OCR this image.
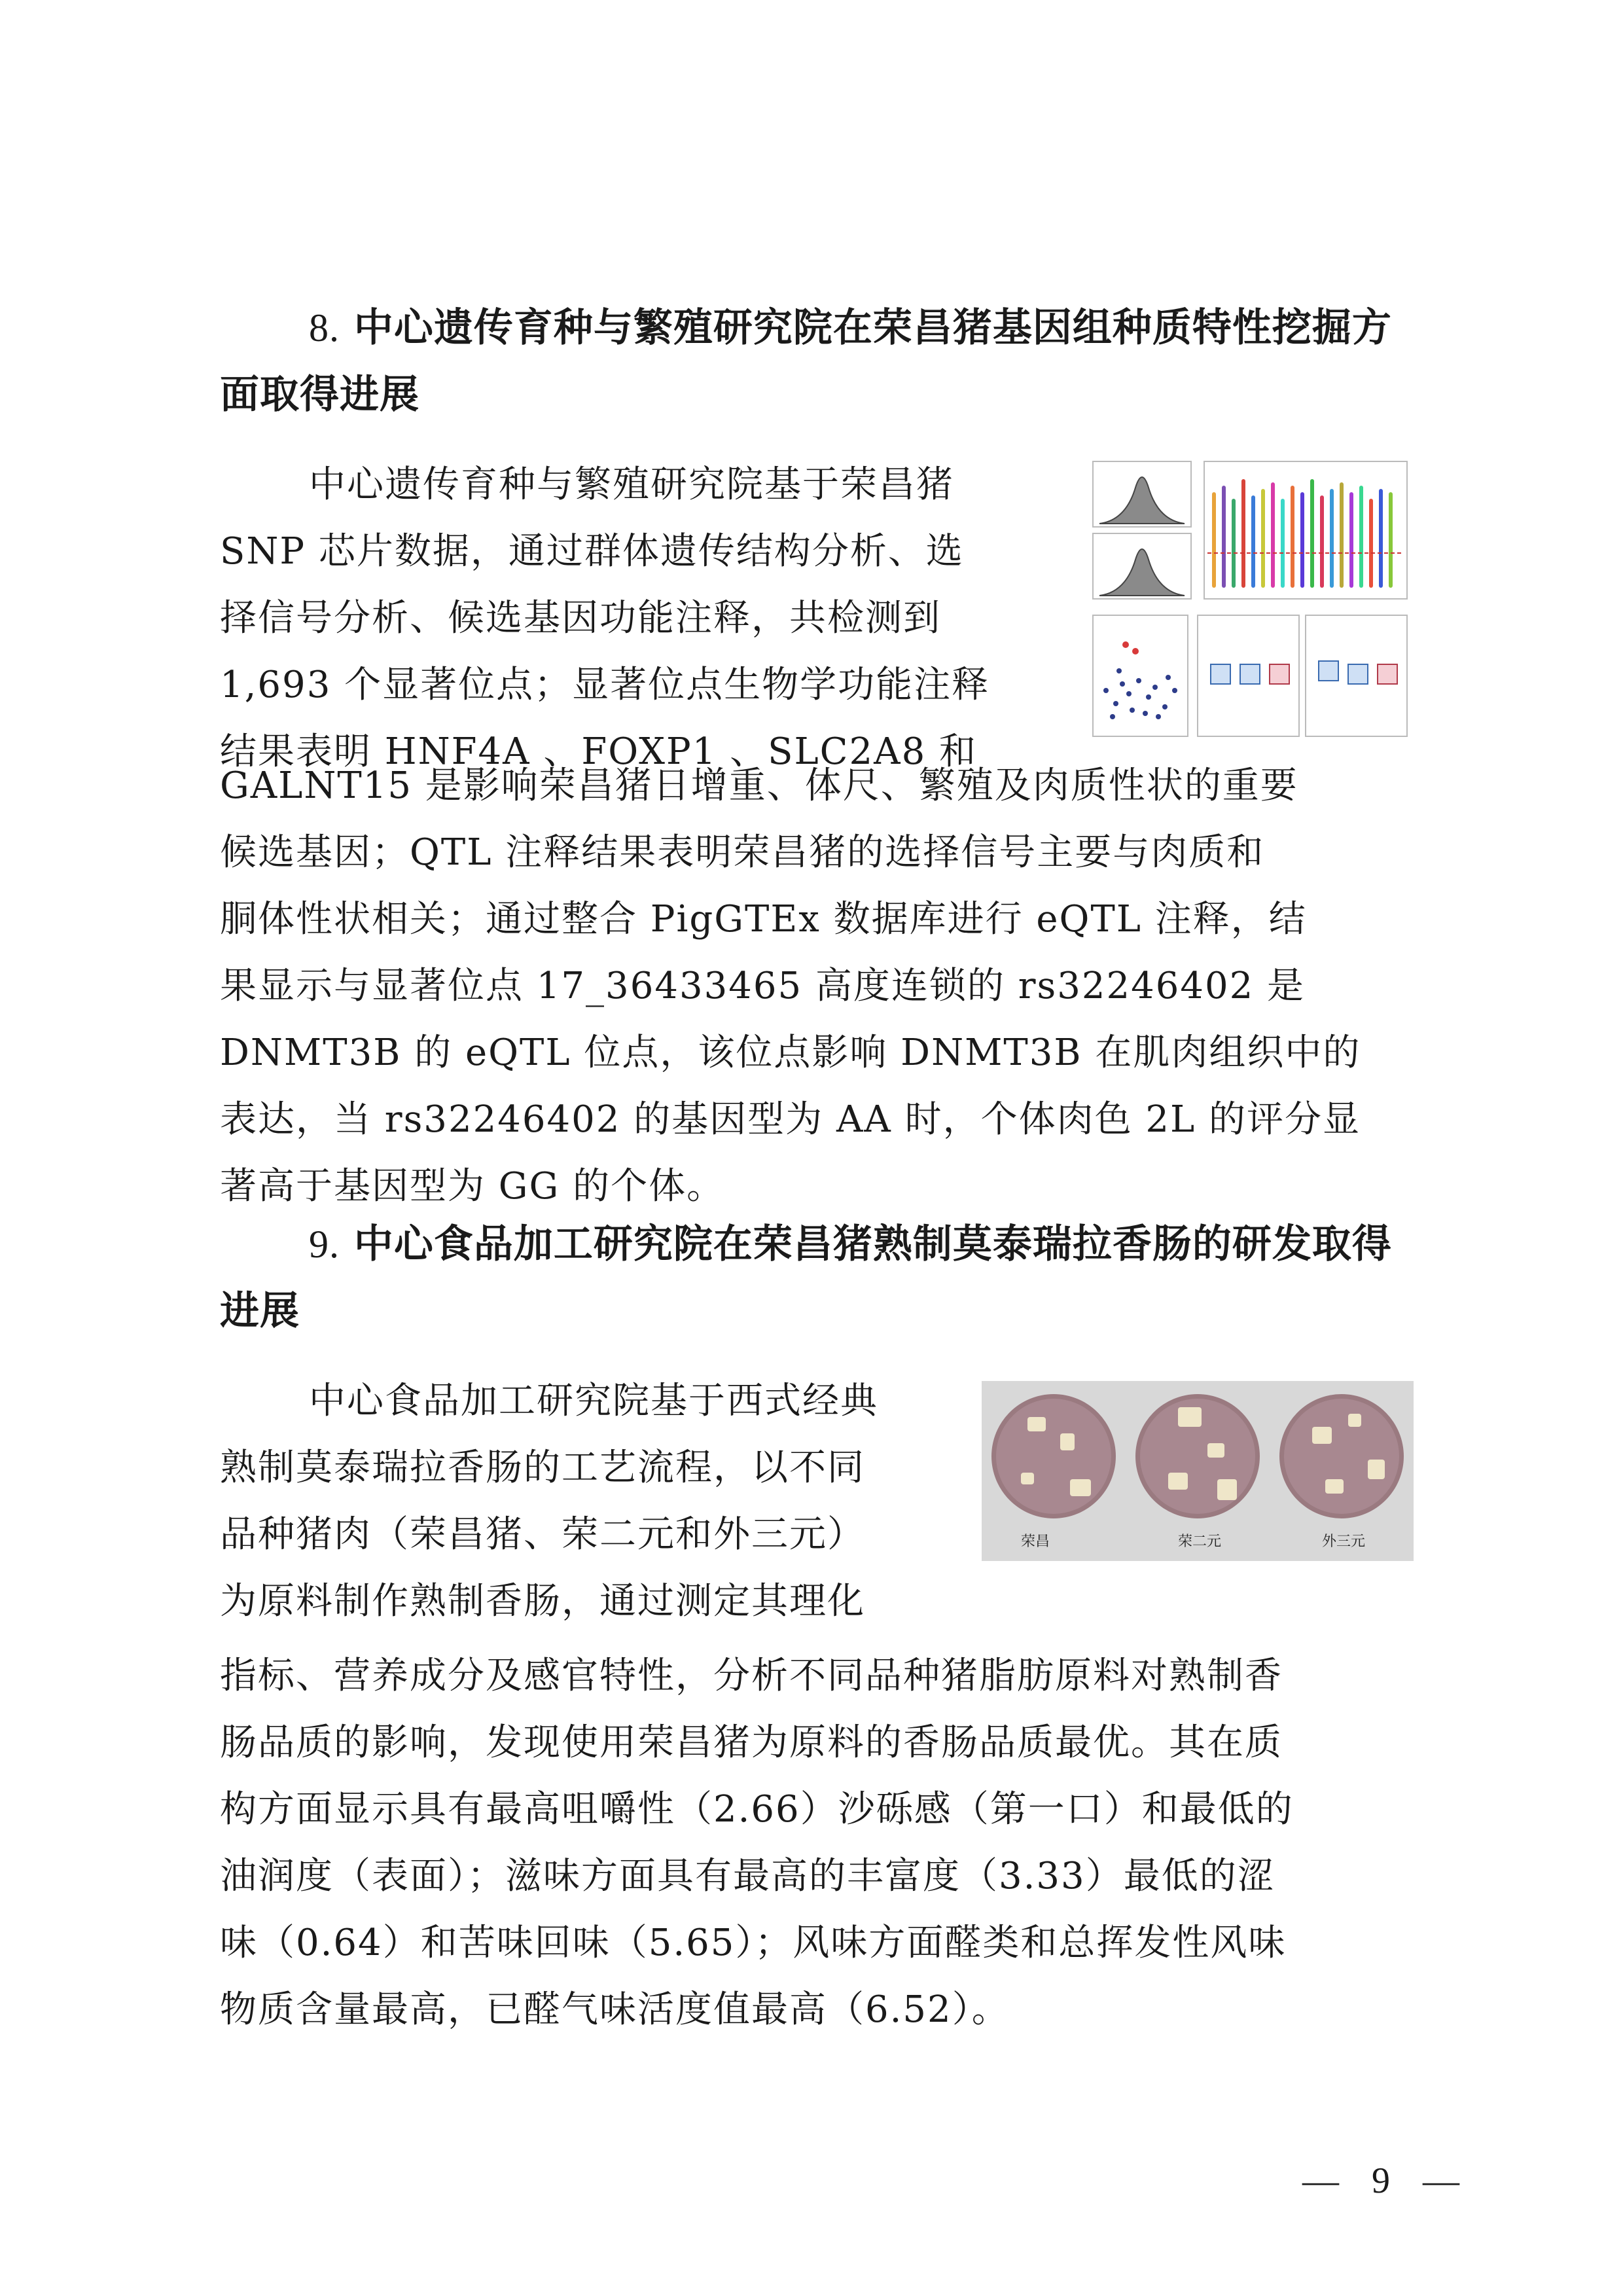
8. 中心遗传育种与繁殖研究院在荣昌猪基因组种质特性挖掘方面取得进展
中心遗传育种与繁殖研究院基于荣昌猪
SNP 芯片数据，通过群体遗传结构分析、选
择信号分析、候选基因功能注释，共检测到
1,693 个显著位点；显著位点生物学功能注释
结果表明 HNF4A 、FOXP1 、SLC2A8 和
GALNT15 是影响荣昌猪日增重、体尺、繁殖及肉质性状的重要
候选基因；QTL 注释结果表明荣昌猪的选择信号主要与肉质和
胴体性状相关；通过整合 PigGTEx 数据库进行 eQTL 注释，结
果显示与显著位点 17_36433465 高度连锁的 rs32246402 是
DNMT3B 的 eQTL 位点，该位点影响 DNMT3B 在肌肉组织中的
表达，当 rs32246402 的基因型为 AA 时，个体肉色 2L 的评分显
著高于基因型为 GG 的个体。
9. 中心食品加工研究院在荣昌猪熟制莫泰瑞拉香肠的研发取得进展
中心食品加工研究院基于西式经典
熟制莫泰瑞拉香肠的工艺流程，以不同
品种猪肉（荣昌猪、荣二元和外三元）
为原料制作熟制香肠，通过测定其理化
荣昌	荣二元	外三元
指标、营养成分及感官特性，分析不同品种猪脂肪原料对熟制香
肠品质的影响，发现使用荣昌猪为原料的香肠品质最优。其在质
构方面显示具有最高咀嚼性（2.66）沙砾感（第一口）和最低的
油润度（表面）；滋味方面具有最高的丰富度（3.33）最低的涩
味（0.64）和苦味回味（5.65）；风味方面醛类和总挥发性风味
物质含量最高，已醛气味活度值最高（6.52）。
— 9 —
